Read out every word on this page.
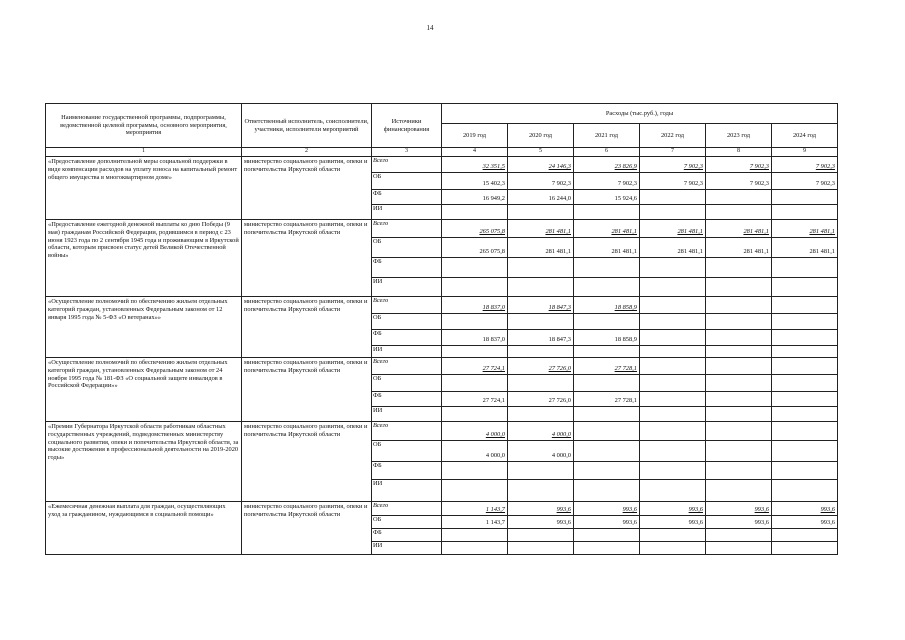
14
Наименование государственной программы, подпрограммы, ведомственной целевой программы, основного мероприятия, мероприятия	Ответственный исполнитель, соисполнители, участники, исполнители мероприятий	Источники финансирования	Расходы (тыс.руб.), годы					
			2019 год	2020 год	2021 год	2022 год	2023 год	2024 год
1	2	3	4	5	6	7	8	9
«Предоставление дополнительной меры социальной поддержки в виде компенсации расходов на уплату взноса на капитальный ремонт общего имущества в многоквартирном доме»	министерство социального развития, опеки и попечительства Иркутской области	Всего	32 351,5	24 146,3	23 826,9	7 902,3	7 902,3	7 902,3
		ОБ	15 402,3	7 902,3	7 902,3	7 902,3	7 902,3	7 902,3
		ФБ	16 949,2	16 244,0	15 924,6			
		ИИ						
«Предоставление ежегодной денежной выплаты ко дню Победы (9 мая) гражданам Российской Федерации, родившимся в период с 23 июня 1923 года по 2 сентября 1945 года и проживающим в Иркутской области, которым присвоен статус детей Великой Отечественной войны»	министерство социального развития, опеки и попечительства Иркутской области	Всего	265 075,8	281 481,1	281 481,1	281 481,1	281 481,1	281 481,1
		ОБ	265 075,8	281 481,1	281 481,1	281 481,1	281 481,1	281 481,1
		ФБ						
		ИИ						
«Осуществление полномочий по обеспечению жильем отдельных категорий граждан, установленных Федеральным законом от 12 января 1995 года № 5-ФЗ «О ветеранах»»	министерство социального развития, опеки и попечительства Иркутской области	Всего	18 837,0	18 847,3	18 858,9			
		ОБ						
		ФБ	18 837,0	18 847,3	18 858,9			
		ИИ						
«Осуществление полномочий по обеспечению жильем отдельных категорий граждан, установленных Федеральным законом от 24 ноября 1995 года № 181-ФЗ «О социальной защите инвалидов в Российской Федерации»»	министерство социального развития, опеки и попечительства Иркутской области	Всего	27 724,1	27 726,0	27 728,1			
		ОБ						
		ФБ	27 724,1	27 726,0	27 728,1			
		ИИ						
«Премии Губернатора Иркутской области работникам областных государственных учреждений, подведомственных министерству социального развития, опеки и попечительства Иркутской области, за высокие достижения в профессиональной деятельности на 2019-2020 годы»	министерство социального развития, опеки и попечительства Иркутской области	Всего	4 000,0	4 000,0				
		ОБ	4 000,0	4 000,0				
		ФБ						
		ИИ						
«Ежемесячная денежная выплата для граждан, осуществляющих уход за гражданином, нуждающимся в социальной помощи»	министерство социального развития, опеки и попечительства Иркутской области	Всего	1 143,7	993,6	993,6	993,6	993,6	993,6
		ОБ	1 143,7	993,6	993,6	993,6	993,6	993,6
		ФБ						
		ИИ						
